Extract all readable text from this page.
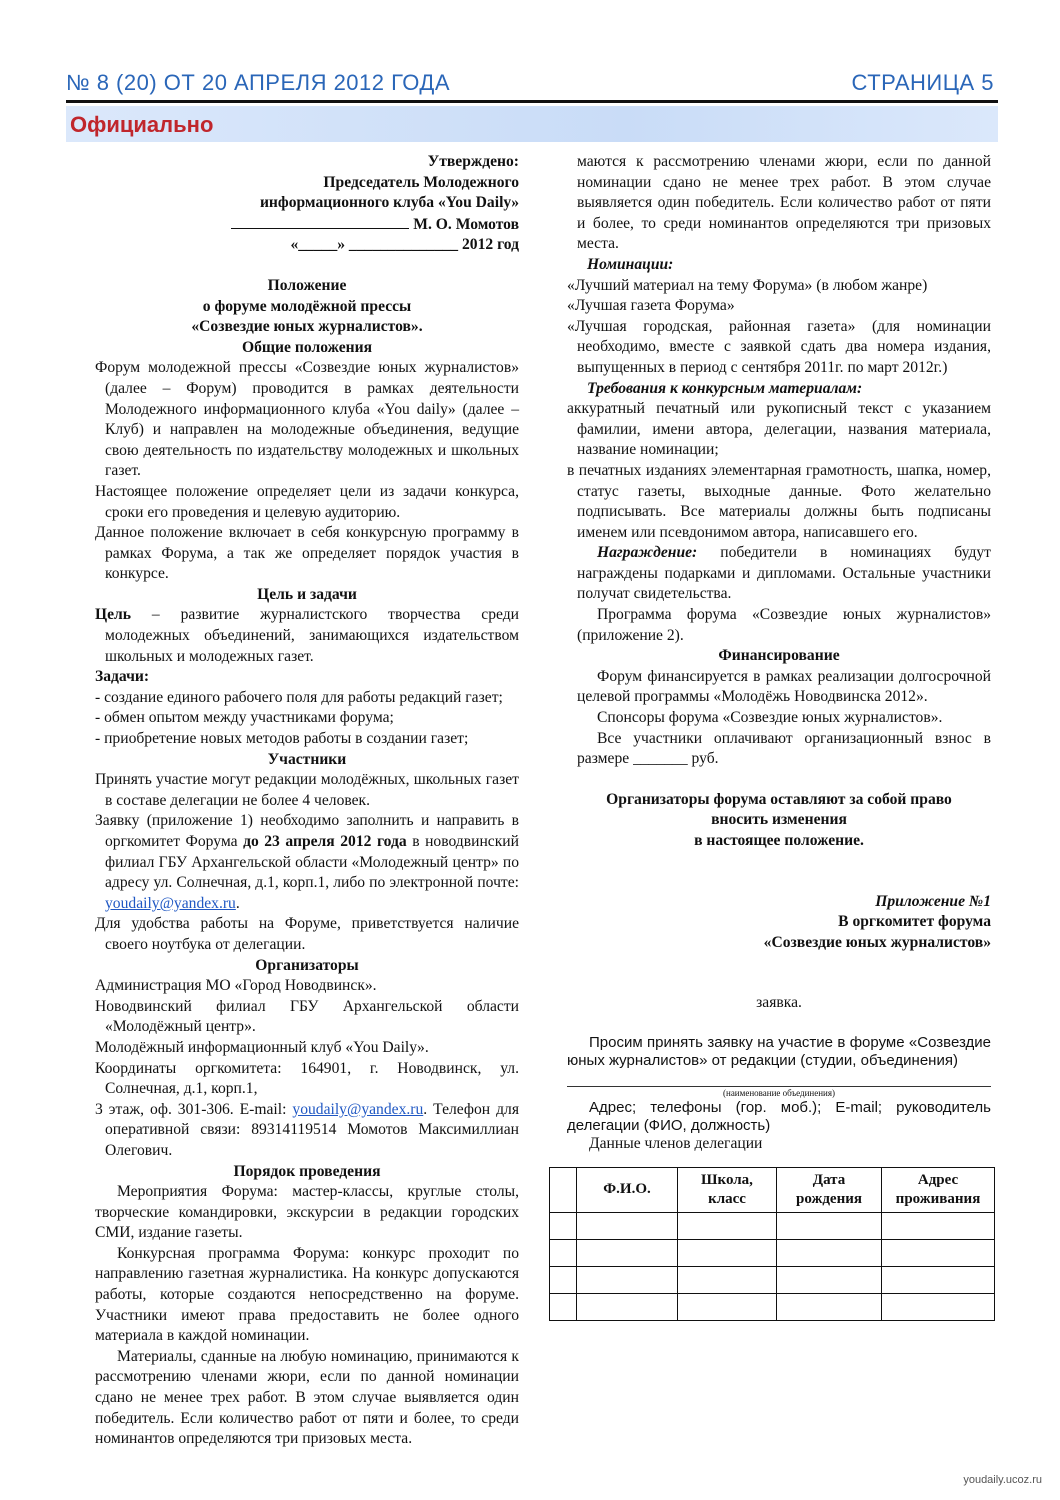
№ 8 (20) ОТ 20 АПРЕЛЯ 2012 ГОДА	СТРАНИЦА 5
Официально

Утверждено:

Председатель Молодежного

информационного клуба «You Daily»

М. О. Момотов

«_____» ______________ 2012 год

Положение

о форуме молодёжной прессы

«Созвездие юных журналистов».

Общие положения

Форум молодежной прессы «Созвездие юных журналистов» (далее – Форум) проводится в рамках деятельности Молодежного информационного клуба «You daily» (далее – Клуб) и направлен на молодежные объединения, ведущие свою деятельность по издательству молодежных и школьных газет.

Настоящее положение определяет цели из задачи конкурса, сроки его проведения и целевую аудиторию.

Данное положение включает в себя конкурсную программу в рамках Форума, а так же определяет порядок участия в конкурсе.

Цель и задачи

Цель – развитие журналистского творчества среди молодежных объединений, занимающихся издательством школьных и молодежных газет.

Задачи:

- создание единого рабочего поля для работы редакций газет;

- обмен опытом между участниками форума;

- приобретение новых методов работы в создании газет;

Участники

Принять участие могут редакции молодёжных, школьных газет в составе делегации не более 4 человек.

Заявку (приложение 1) необходимо заполнить и направить в оргкомитет Форума до 23 апреля 2012 года в новодвинский филиал ГБУ Архангельской области «Молодежный центр» по адресу ул. Солнечная, д.1, корп.1, либо по электронной почте: youdaily@yandex.ru.

Для удобства работы на Форуме, приветствуется наличие своего ноутбука от делегации.

Организаторы

Администрация МО «Город Новодвинск».

Новодвинский филиал ГБУ Архангельской области «Молодёжный центр».

Молодёжный информационный клуб «You Daily».

Координаты оргкомитета: 164901, г. Новодвинск, ул. Солнечная, д.1, корп.1,

3 этаж, оф. 301-306. E-mail: youdaily@yandex.ru. Телефон для оперативной связи: 89314119514 Момотов Максимиллиан Олегович.

Порядок проведения

Мероприятия Форума: мастер-классы, круглые столы, творческие командировки, экскурсии в редакции городских СМИ, издание газеты.

Конкурсная программа Форума: конкурс проходит по направлению газетная журналистика. На конкурс допускаются работы, которые создаются непосредственно на форуме. Участники имеют права предоставить не более одного материала в каждой номинации.

Материалы, сданные на любую номинацию, принимаются к рассмотрению членами жюри, если по данной номинации сдано не менее трех работ. В этом случае выявляется один победитель. Если количество работ от пяти и более, то среди номинантов определяются три призовых места.

маются к рассмотрению членами жюри, если по данной номинации сдано не менее трех работ. В этом случае выявляется один победитель. Если количество работ от пяти и более, то среди номинантов определяются три призовых места.

Номинации:

«Лучший материал на тему Форума» (в любом жанре)

«Лучшая газета Форума»

«Лучшая городская, районная газета» (для номинации необходимо, вместе с заявкой сдать два номера издания, выпущенных в период с сентября 2011г. по март 2012г.)

Требования к конкурсным материалам:

аккуратный печатный или рукописный текст с указанием фамилии, имени автора, делегации, названия материала, название номинации;

в печатных изданиях элементарная грамотность, шапка, номер, статус газеты, выходные данные. Фото желательно подписывать. Все материалы должны быть подписаны именем или псевдонимом автора, написавшего его.

Награждение: победители в номинациях будут награждены подарками и дипломами. Остальные участники получат свидетельства.

Программа форума «Созвездие юных журналистов» (приложение 2).

Финансирование

Форум финансируется в рамках реализации долгосрочной целевой программы «Молодёжь Новодвинска 2012».

Спонсоры форума «Созвездие юных журналистов».

Все участники оплачивают организационный взнос в размере _______ руб.

Организаторы форума оставляют за собой право

вносить изменения

в настоящее положение.

Приложение №1

В оргкомитет форума

«Созвездие юных журналистов»

заявка.

Просим принять заявку на участие в форуме «Созвездие юных журналистов» от редакции (студии, объединения)

(наименование объединения)

Адрес; телефоны (гор. моб.); E-mail; руководитель делегации (ФИО, должность)

Данные членов делегации

	Ф.И.О.	Школа, класс	Дата рождения	Адрес проживания

youdaily.ucoz.ru
